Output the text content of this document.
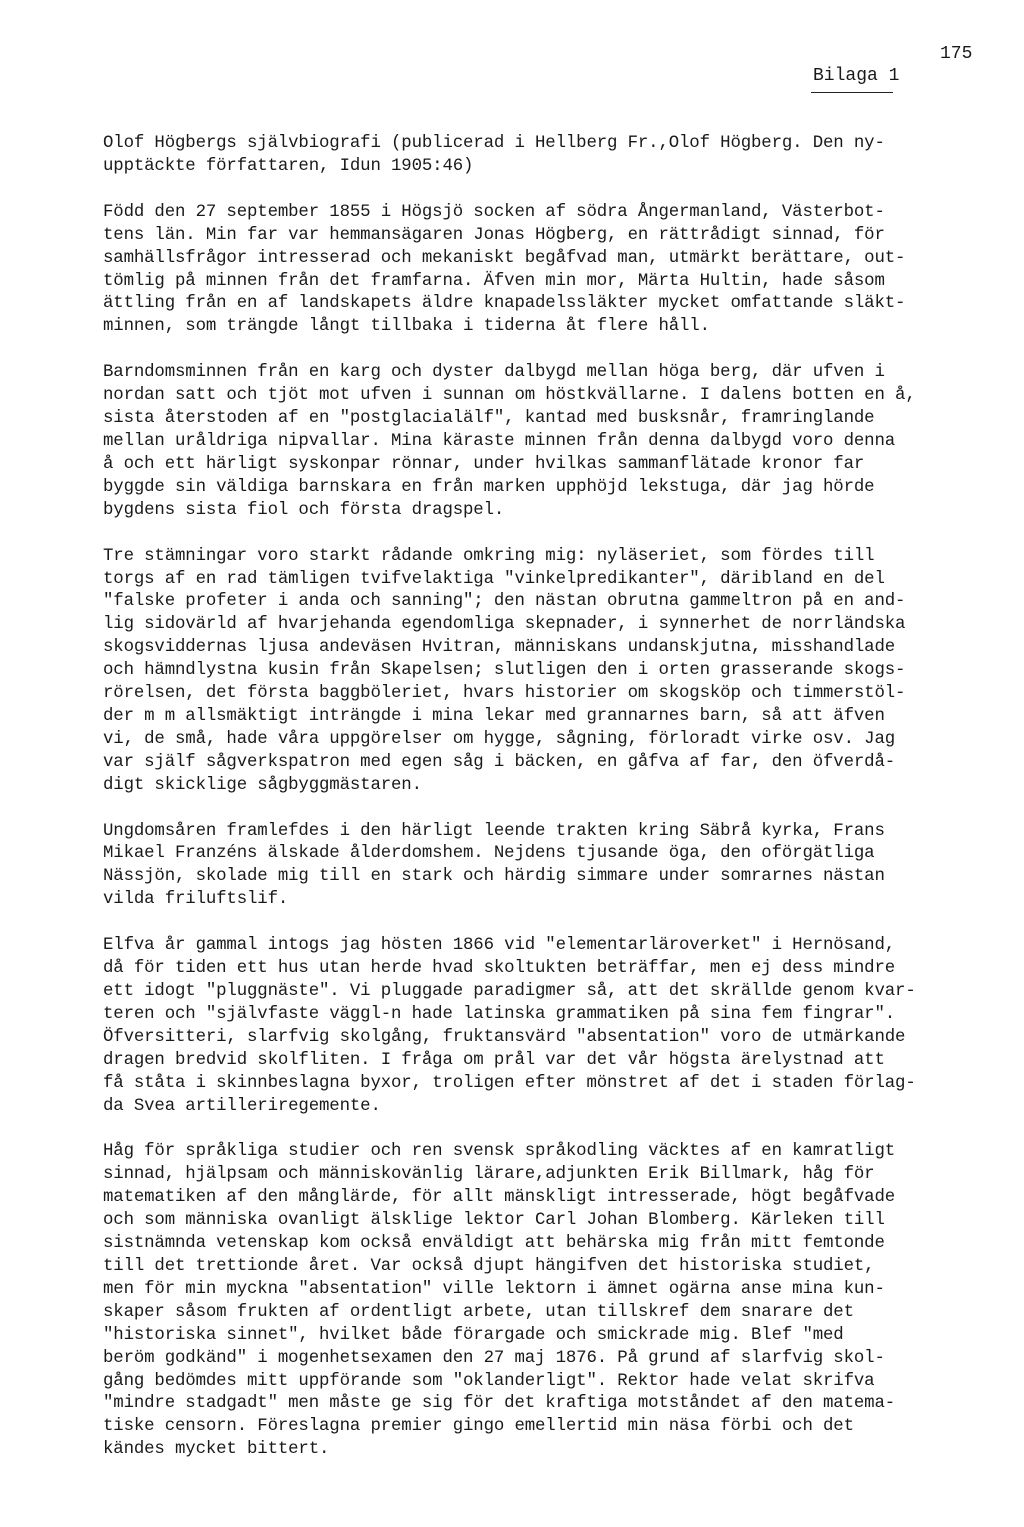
175
Bilaga 1
Olof Högbergs självbiografi (publicerad i Hellberg Fr.,Olof Högberg. Den ny-
upptäckte författaren, Idun 1905:46)
Född den 27 september 1855 i Högsjö socken af södra Ångermanland, Västerbot-
tens län. Min far var hemmansägaren Jonas Högberg, en rättrådigt sinnad, för
samhällsfrågor intresserad och mekaniskt begåfvad man, utmärkt berättare, out-
tömlig på minnen från det framfarna. Äfven min mor, Märta Hultin, hade såsom
ättling från en af landskapets äldre knapadelssläkter mycket omfattande släkt-
minnen, som trängde långt tillbaka i tiderna åt flere håll.
Barndomsminnen från en karg och dyster dalbygd mellan höga berg, där ufven i
nordan satt och tjöt mot ufven i sunnan om höstkvällarne. I dalens botten en å,
sista återstoden af en "postglacialälf", kantad med busksnår, framringlande
mellan uråldriga nipvallar. Mina käraste minnen från denna dalbygd voro denna
å och ett härligt syskonpar rönnar, under hvilkas sammanflätade kronor far
byggde sin väldiga barnskara en från marken upphöjd lekstuga, där jag hörde
bygdens sista fiol och första dragspel.
Tre stämningar voro starkt rådande omkring mig: nyläseriet, som fördes till
torgs af en rad tämligen tvifvelaktiga "vinkelpredikanter", däribland en del
"falske profeter i anda och sanning"; den nästan obrutna gammeltron på en and-
lig sidovärld af hvarjehanda egendomliga skepnader, i synnerhet de norrländska
skogsviddernas ljusa andeväsen Hvitran, människans undanskjutna, misshandlade
och hämndlystna kusin från Skapelsen; slutligen den i orten grasserande skogs-
rörelsen, det första baggböleriet, hvars historier om skogsköp och timmerstöl-
der m m allsmäktigt inträngde i mina lekar med grannarnes barn, så att äfven
vi, de små, hade våra uppgörelser om hygge, sågning, förloradt virke osv. Jag
var själf sågverkspatron med egen såg i bäcken, en gåfva af far, den öfverdå-
digt skicklige sågbyggmästaren.
Ungdomsåren framlefdes i den härligt leende trakten kring Säbrå kyrka, Frans
Mikael Franzéns älskade ålderdomshem. Nejdens tjusande öga, den oförgätliga
Nässjön, skolade mig till en stark och härdig simmare under somrarnes nästan
vilda friluftslif.
Elfva år gammal intogs jag hösten 1866 vid "elementarläroverket" i Hernösand,
då för tiden ett hus utan herde hvad skoltukten beträffar, men ej dess mindre
ett idogt "pluggnäste". Vi pluggade paradigmer så, att det skrällde genom kvar-
teren och "självfaste väggl-n hade latinska grammatiken på sina fem fingrar".
Öfversitteri, slarfvig skolgång, fruktansvärd "absentation" voro de utmärkande
dragen bredvid skolfliten. I fråga om prål var det vår högsta ärelystnad att
få ståta i skinnbeslagna byxor, troligen efter mönstret af det i staden förlag-
da Svea artilleriregemente.
Håg för språkliga studier och ren svensk språkodling väcktes af en kamratligt
sinnad, hjälpsam och människovänlig lärare,adjunkten Erik Billmark, håg för
matematiken af den månglärde, för allt mänskligt intresserade, högt begåfvade
och som människa ovanligt älsklige lektor Carl Johan Blomberg. Kärleken till
sistnämnda vetenskap kom också enväldigt att behärska mig från mitt femtonde
till det trettionde året. Var också djupt hängifven det historiska studiet,
men för min myckna "absentation" ville lektorn i ämnet ogärna anse mina kun-
skaper såsom frukten af ordentligt arbete, utan tillskref dem snarare det
"historiska sinnet", hvilket både förargade och smickrade mig. Blef "med
beröm godkänd" i mogenhetsexamen den 27 maj 1876. På grund af slarfvig skol-
gång bedömdes mitt uppförande som "oklanderligt". Rektor hade velat skrifva
"mindre stadgadt" men måste ge sig för det kraftiga motståndet af den matema-
tiske censorn. Föreslagna premier gingo emellertid min näsa förbi och det
kändes mycket bittert.
